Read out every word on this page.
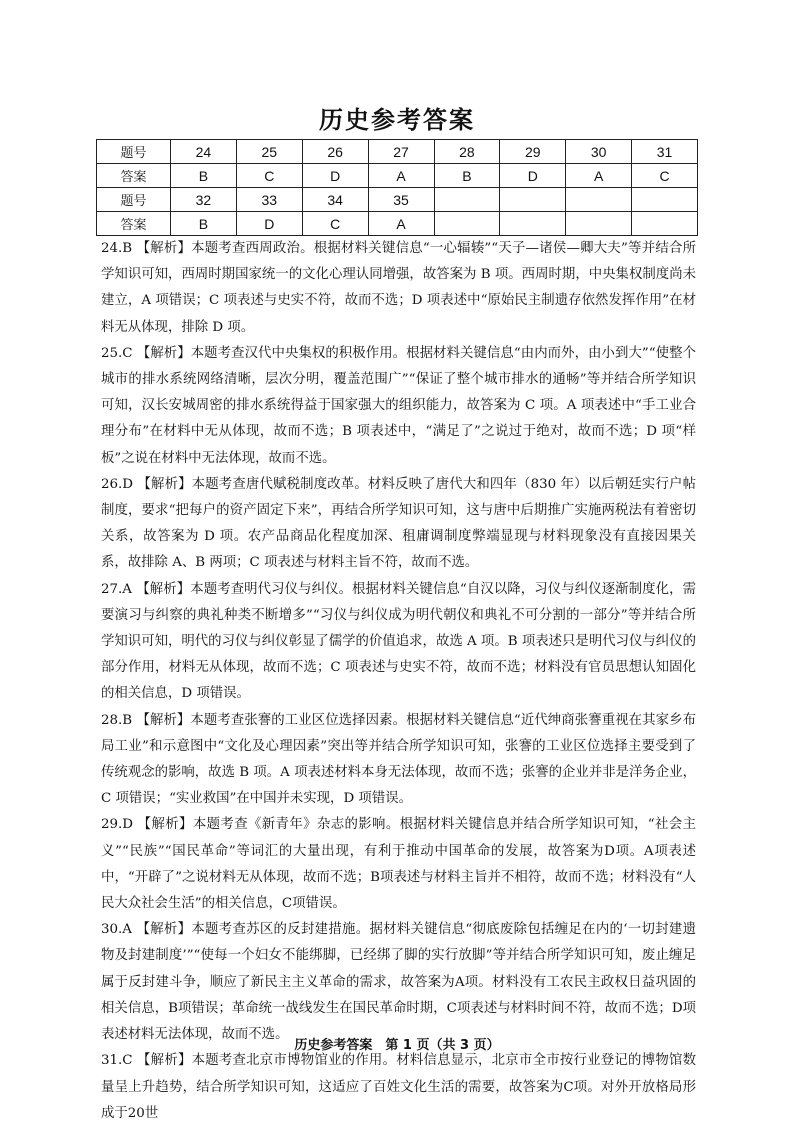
历史参考答案
题号	24	25	26	27	28	29	30	31
答案	B	C	D	A	B	D	A	C
题号	32	33	34	35				
答案	B	D	C	A				

24.B 【解析】本题考查西周政治。根据材料关键信息“一心辐辏”“天子—诸侯—卿大夫”等并结合所学知识可知，西周时期国家统一的文化心理认同增强，故答案为 B 项。西周时期，中央集权制度尚未建立，A 项错误；C 项表述与史实不符，故而不选；D 项表述中“原始民主制遗存依然发挥作用”在材料无从体现，排除 D 项。

25.C 【解析】本题考查汉代中央集权的积极作用。根据材料关键信息“由内而外，由小到大”“使整个城市的排水系统网络清晰，层次分明，覆盖范围广”“保证了整个城市排水的通畅”等并结合所学知识可知，汉长安城周密的排水系统得益于国家强大的组织能力，故答案为 C 项。A 项表述中“手工业合理分布”在材料中无从体现，故而不选；B 项表述中，“满足了”之说过于绝对，故而不选；D 项“样板”之说在材料中无法体现，故而不选。

26.D 【解析】本题考查唐代赋税制度改革。材料反映了唐代大和四年（830 年）以后朝廷实行户帖制度，要求“把每户的资产固定下来”，再结合所学知识可知，这与唐中后期推广实施两税法有着密切关系，故答案为 D 项。农产品商品化程度加深、租庸调制度弊端显现与材料现象没有直接因果关系，故排除 A、B 两项；C 项表述与材料主旨不符，故而不选。

27.A 【解析】本题考查明代习仪与纠仪。根据材料关键信息“自汉以降，习仪与纠仪逐渐制度化，需要演习与纠察的典礼种类不断增多”“习仪与纠仪成为明代朝仪和典礼不可分割的一部分”等并结合所学知识可知，明代的习仪与纠仪彰显了儒学的价值追求，故选 A 项。B 项表述只是明代习仪与纠仪的部分作用，材料无从体现，故而不选；C 项表述与史实不符，故而不选；材料没有官员思想认知固化的相关信息，D 项错误。

28.B 【解析】本题考查张謇的工业区位选择因素。根据材料关键信息“近代绅商张謇重视在其家乡布局工业”和示意图中“文化及心理因素”突出等并结合所学知识可知，张謇的工业区位选择主要受到了传统观念的影响，故选 B 项。A 项表述材料本身无法体现，故而不选；张謇的企业并非是洋务企业，C 项错误；“实业救国”在中国并未实现，D 项错误。

29.D 【解析】本题考查《新青年》杂志的影响。根据材料关键信息并结合所学知识可知，“社会主义”“民族”“国民革命”等词汇的大量出现，有利于推动中国革命的发展，故答案为D项。A项表述中，“开辟了”之说材料无从体现，故而不选；B项表述与材料主旨并不相符，故而不选；材料没有“人民大众社会生活”的相关信息，C项错误。

30.A 【解析】本题考查苏区的反封建措施。据材料关键信息“彻底废除包括缠足在内的‘一切封建遗物及封建制度’”“使每一个妇女不能绑脚，已经绑了脚的实行放脚”等并结合所学知识可知，废止缠足属于反封建斗争，顺应了新民主主义革命的需求，故答案为A项。材料没有工农民主政权日益巩固的相关信息，B项错误；革命统一战线发生在国民革命时期，C项表述与材料时间不符，故而不选；D项表述材料无法体现，故而不选。

31.C 【解析】本题考查北京市博物馆业的作用。材料信息显示，北京市全市按行业登记的博物馆数量呈上升趋势，结合所学知识可知，这适应了百姓文化生活的需要，故答案为C项。对外开放格局形成于20世

历史参考答案　第 1 页（共 3 页）
